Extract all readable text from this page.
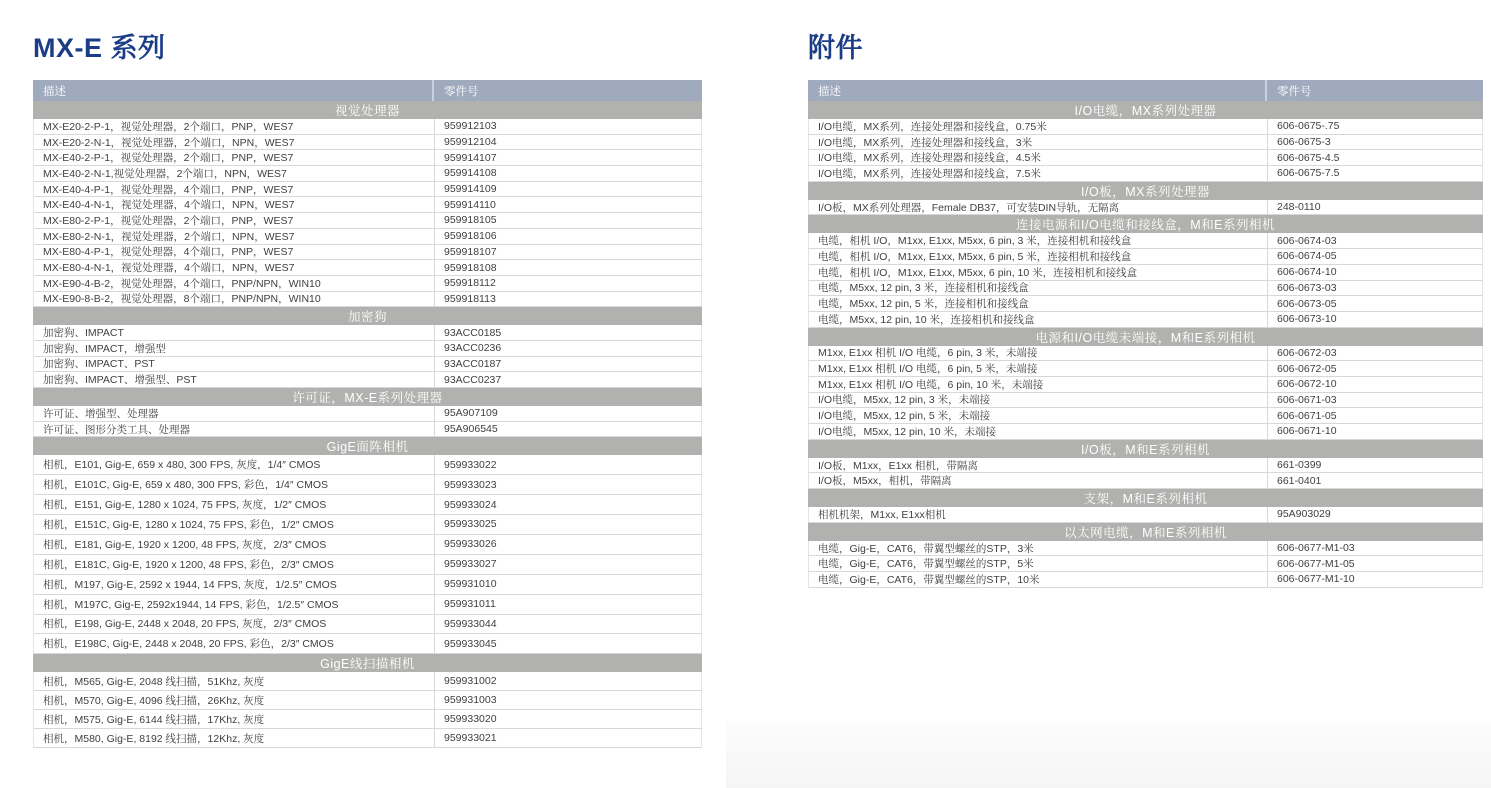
MX-E 系列	附件
描述	零件号
视觉处理器
MX-E20-2-P-1，视觉处理器，2个端口，PNP，WES7	959912103
MX-E20-2-N-1，视觉处理器，2个端口，NPN，WES7	959912104
MX-E40-2-P-1，视觉处理器，2个端口，PNP，WES7	959914107
MX-E40-2-N-1,视觉处理器，2个端口，NPN，WES7	959914108
MX-E40-4-P-1，视觉处理器，4个端口，PNP，WES7	959914109
MX-E40-4-N-1，视觉处理器，4个端口，NPN，WES7	959914110
MX-E80-2-P-1，视觉处理器，2个端口，PNP，WES7	959918105
MX-E80-2-N-1，视觉处理器，2个端口，NPN，WES7	959918106
MX-E80-4-P-1，视觉处理器，4个端口，PNP，WES7	959918107
MX-E80-4-N-1，视觉处理器，4个端口，NPN，WES7	959918108
MX-E90-4-B-2，视觉处理器，4个端口，PNP/NPN，WIN10	959918112
MX-E90-8-B-2，视觉处理器，8个端口，PNP/NPN，WIN10	959918113
加密狗
加密狗、IMPACT	93ACC0185
加密狗、IMPACT，增强型	93ACC0236
加密狗、IMPACT、PST	93ACC0187
加密狗、IMPACT、增强型、PST	93ACC0237
许可证，MX-E系列处理器
许可证、增强型、处理器	95A907109
许可证、图形分类工具、处理器	95A906545
GigE面阵相机
相机，E101, Gig-E, 659 x 480, 300 FPS, 灰度，1/4″ CMOS	959933022
相机，E101C, Gig-E, 659 x 480, 300 FPS, 彩色，1/4″ CMOS	959933023
相机，E151, Gig-E, 1280 x 1024, 75 FPS, 灰度，1/2″ CMOS	959933024
相机，E151C, Gig-E, 1280 x 1024, 75 FPS, 彩色，1/2″ CMOS	959933025
相机，E181, Gig-E, 1920 x 1200, 48 FPS, 灰度，2/3″ CMOS	959933026
相机，E181C, Gig-E, 1920 x 1200, 48 FPS, 彩色，2/3″ CMOS	959933027
相机，M197, Gig-E, 2592 x 1944, 14 FPS, 灰度，1/2.5″ CMOS	959931010
相机，M197C, Gig-E, 2592x1944, 14 FPS, 彩色，1/2.5″ CMOS	959931011
相机，E198, Gig-E, 2448 x 2048, 20 FPS, 灰度，2/3″ CMOS	959933044
相机，E198C, Gig-E, 2448 x 2048, 20 FPS, 彩色，2/3″ CMOS	959933045
GigE线扫描相机
相机，M565, Gig-E, 2048 线扫描，51Khz, 灰度	959931002
相机，M570, Gig-E, 4096 线扫描，26Khz, 灰度	959931003
相机，M575, Gig-E, 6144 线扫描，17Khz, 灰度	959933020
相机，M580, Gig-E, 8192 线扫描，12Khz, 灰度	959933021
描述	零件号
I/O电缆，MX系列处理器
I/O电缆，MX系列，连接处理器和接线盒，0.75米	606-0675-.75
I/O电缆，MX系列，连接处理器和接线盒，3米	606-0675-3
I/O电缆，MX系列，连接处理器和接线盒，4.5米	606-0675-4.5
I/O电缆，MX系列，连接处理器和接线盒，7.5米	606-0675-7.5
I/O板，MX系列处理器
I/O板，MX系列处理器，Female DB37，可安装DIN导轨，无隔离	248-0110
连接电源和I/O电缆和接线盒，M和E系列相机
电缆，相机 I/O，M1xx, E1xx, M5xx, 6 pin, 3 米，连接相机和接线盒	606-0674-03
电缆，相机 I/O，M1xx, E1xx, M5xx, 6 pin, 5 米，连接相机和接线盒	606-0674-05
电缆，相机 I/O，M1xx, E1xx, M5xx, 6 pin, 10 米，连接相机和接线盒	606-0674-10
电缆，M5xx, 12 pin, 3 米，连接相机和接线盒	606-0673-03
电缆，M5xx, 12 pin, 5 米，连接相机和接线盒	606-0673-05
电缆，M5xx, 12 pin, 10 米，连接相机和接线盒	606-0673-10
电源和I/O电缆未端接，M和E系列相机
M1xx, E1xx 相机 I/O 电缆，6 pin, 3 米，未端接	606-0672-03
M1xx, E1xx 相机 I/O 电缆，6 pin, 5 米，未端接	606-0672-05
M1xx, E1xx 相机 I/O 电缆，6 pin, 10 米，未端接	606-0672-10
I/O电缆，M5xx, 12 pin, 3 米，未端接	606-0671-03
I/O电缆，M5xx, 12 pin, 5 米，未端接	606-0671-05
I/O电缆，M5xx, 12 pin, 10 米，未端接	606-0671-10
I/O板，M和E系列相机
I/O板，M1xx，E1xx 相机，带隔离	661-0399
I/O板，M5xx，相机，带隔离	661-0401
支架，M和E系列相机
相机机架，M1xx, E1xx相机	95A903029
以太网电缆，M和E系列相机
电缆，Gig-E，CAT6，带翼型螺丝的STP，3米	606-0677-M1-03
电缆，Gig-E，CAT6，带翼型螺丝的STP，5米	606-0677-M1-05
电缆，Gig-E，CAT6，带翼型螺丝的STP，10米	606-0677-M1-10
